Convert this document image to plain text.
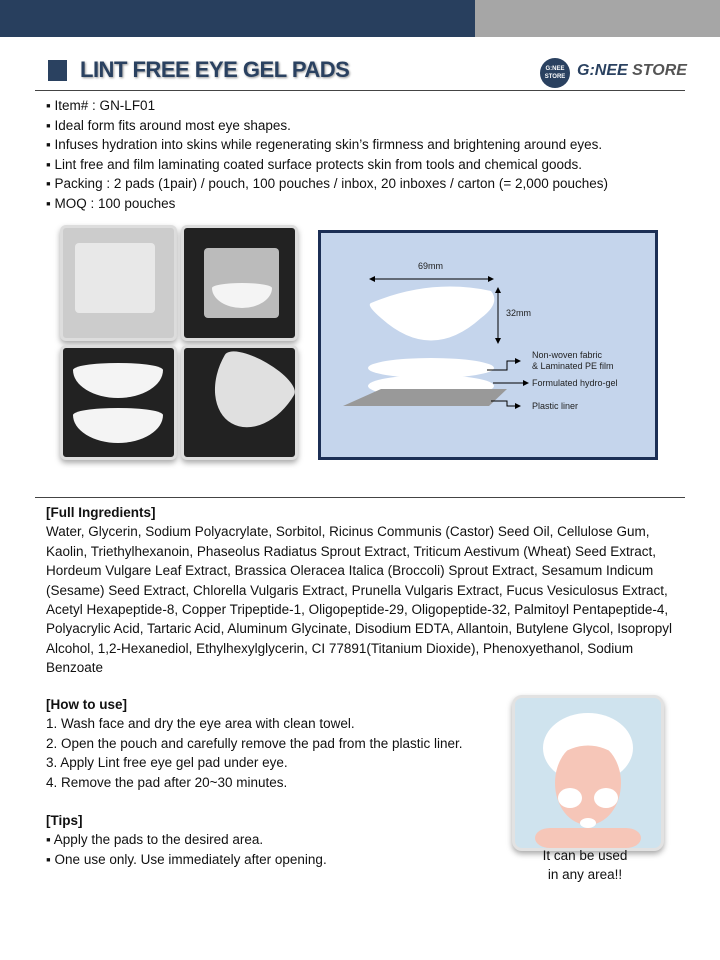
LINT FREE EYE GEL PADS	G:NEE
STORE G:NEE STORE
▪ Item# : GN-LF01
▪ Ideal form fits around most eye shapes.
▪ Infuses hydration into skins while regenerating skin’s firmness and brightening around eyes.
▪ Lint free and film laminating coated surface protects skin from tools and chemical goods.
▪ Packing : 2 pads (1pair) / pouch, 100 pouches / inbox, 20 inboxes / carton (= 2,000 pouches)
▪ MOQ : 100 pouches
69mm
32mm
Non-woven fabric
& Laminated PE film
Formulated hydro-gel
Plastic liner
[Full Ingredients]
Water, Glycerin, Sodium Polyacrylate, Sorbitol, Ricinus Communis (Castor) Seed Oil, Cellulose Gum, Kaolin, Triethylhexanoin, Phaseolus Radiatus Sprout Extract, Triticum Aestivum (Wheat) Seed Extract, Hordeum Vulgare Leaf Extract, Brassica Oleracea Italica (Broccoli) Sprout Extract, Sesamum Indicum (Sesame) Seed Extract, Chlorella Vulgaris Extract, Prunella Vulgaris Extract, Fucus Vesiculosus Extract, Acetyl Hexapeptide-8, Copper Tripeptide-1, Oligopeptide-29, Oligopeptide-32, Palmitoyl Pentapeptide-4, Polyacrylic Acid, Tartaric Acid, Aluminum Glycinate, Disodium EDTA, Allantoin, Butylene Glycol, Isopropyl Alcohol, 1,2-Hexanediol, Ethylhexylglycerin, CI 77891(Titanium Dioxide), Phenoxyethanol, Sodium Benzoate
[How to use]
1. Wash face and dry the eye area with clean towel.
2. Open the pouch and carefully remove the pad from the plastic liner.
3. Apply Lint free eye gel pad under eye.
4. Remove the pad after 20~30 minutes.
[Tips]
▪ Apply the pads to the desired area.
▪ One use only. Use immediately after opening.	It can be used
in any area!!
